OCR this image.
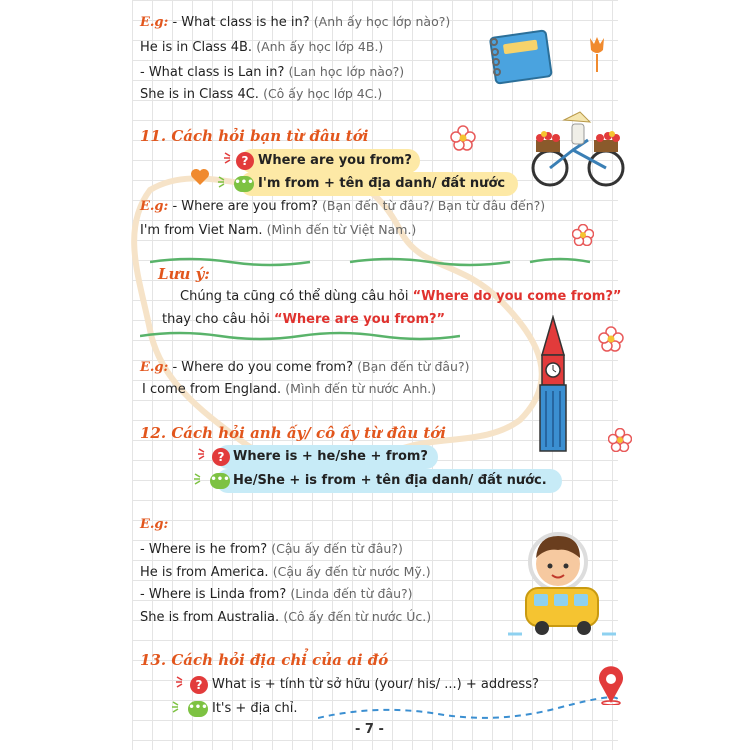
E.g: - What class is he in? (Anh ấy học lớp nào?)
He is in Class 4B. (Anh ấy học lớp 4B.)
- What class is Lan in? (Lan học lớp nào?)
She is in Class 4C. (Cô ấy học lớp 4C.)
11. Cách hỏi bạn từ đâu tới
? Where are you from?
••• I'm from + tên địa danh/ đất nước
E.g: - Where are you from? (Bạn đến từ đâu?/ Bạn từ đâu đến?)
I'm from Viet Nam. (Mình đến từ Việt Nam.)
Lưu ý:
Chúng ta cũng có thể dùng câu hỏi “Where do you come from?”
thay cho câu hỏi “Where are you from?”
E.g: - Where do you come from? (Bạn đến từ đâu?)
I come from England. (Mình đến từ nước Anh.)
12. Cách hỏi anh ấy/ cô ấy từ đâu tới
? Where is + he/she + from?
••• He/She + is from + tên địa danh/ đất nước.
E.g:
- Where is he from? (Cậu ấy đến từ đâu?)
He is from America. (Cậu ấy đến từ nước Mỹ.)
- Where is Linda from? (Linda đến từ đâu?)
She is from Australia. (Cô ấy đến từ nước Úc.)
13. Cách hỏi địa chỉ của ai đó
? What is + tính từ sở hữu (your/ his/ ...) + address?
••• It's + địa chỉ.
- 7 -
